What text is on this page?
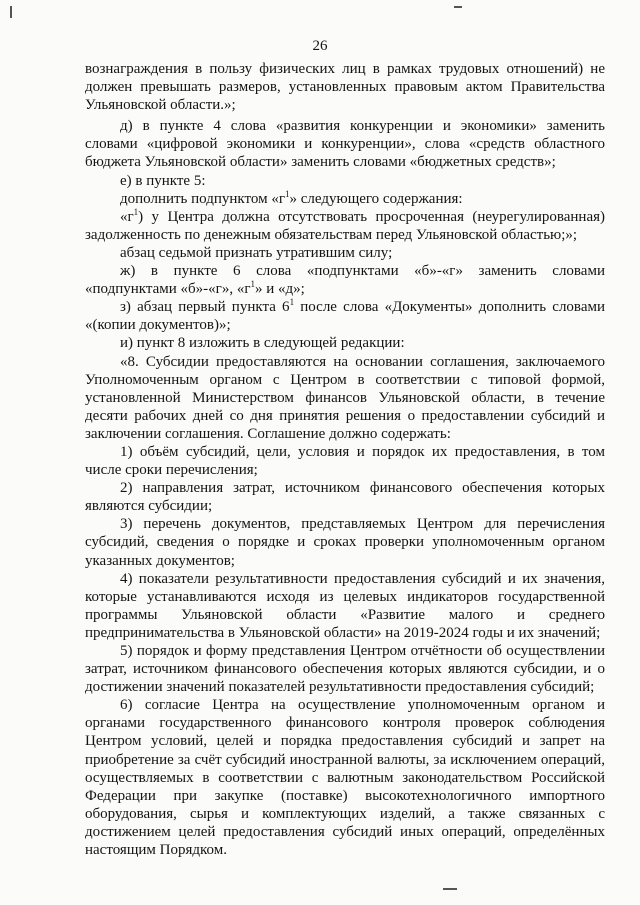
26

вознаграждения в пользу физических лиц в рамках трудовых отношений) не должен превышать размеров, установленных правовым актом Правительства Ульяновской области.»;

д) в пункте 4 слова «развития конкуренции и экономики» заменить словами «цифровой экономики и конкуренции», слова «средств областного бюджета Ульяновской области» заменить словами «бюджетных средств»;

е) в пункте 5:

дополнить подпунктом «$г^1$» следующего содержания:

«$г^1$) у Центра должна отсутствовать просроченная (неурегулированная) задолженность по денежным обязательствам перед Ульяновской областью;»;

абзац седьмой признать утратившим силу;

ж) в пункте 6 слова «подпунктами «б»-«г» заменить словами «подпунктами «б»-«г», «$г^1$» и «д»;

з) абзац первый пункта $6^1$ после слова «Документы» дополнить словами «(копии документов)»;

и) пункт 8 изложить в следующей редакции:

«8. Субсидии предоставляются на основании соглашения, заключаемого Уполномоченным органом с Центром в соответствии с типовой формой, установленной Министерством финансов Ульяновской области, в течение десяти рабочих дней со дня принятия решения о предоставлении субсидий и заключении соглашения. Соглашение должно содержать:

1) объём субсидий, цели, условия и порядок их предоставления, в том числе сроки перечисления;

2) направления затрат, источником финансового обеспечения которых являются субсидии;

3) перечень документов, представляемых Центром для перечисления субсидий, сведения о порядке и сроках проверки уполномоченным органом указанных документов;

4) показатели результативности предоставления субсидий и их значения, которые устанавливаются исходя из целевых индикаторов государственной программы Ульяновской области «Развитие малого и среднего предпринимательства в Ульяновской области» на 2019-2024 годы и их значений;

5) порядок и форму представления Центром отчётности об осуществлении затрат, источником финансового обеспечения которых являются субсидии, и о достижении значений показателей результативности предоставления субсидий;

6) согласие Центра на осуществление уполномоченным органом и органами государственного финансового контроля проверок соблюдения Центром условий, целей и порядка предоставления субсидий и запрет на приобретение за счёт субсидий иностранной валюты, за исключением операций, осуществляемых в соответствии с валютным законодательством Российской Федерации при закупке (поставке) высокотехнологичного импортного оборудования, сырья и комплектующих изделий, а также связанных с достижением целей предоставления субсидий иных операций, определённых настоящим Порядком.
